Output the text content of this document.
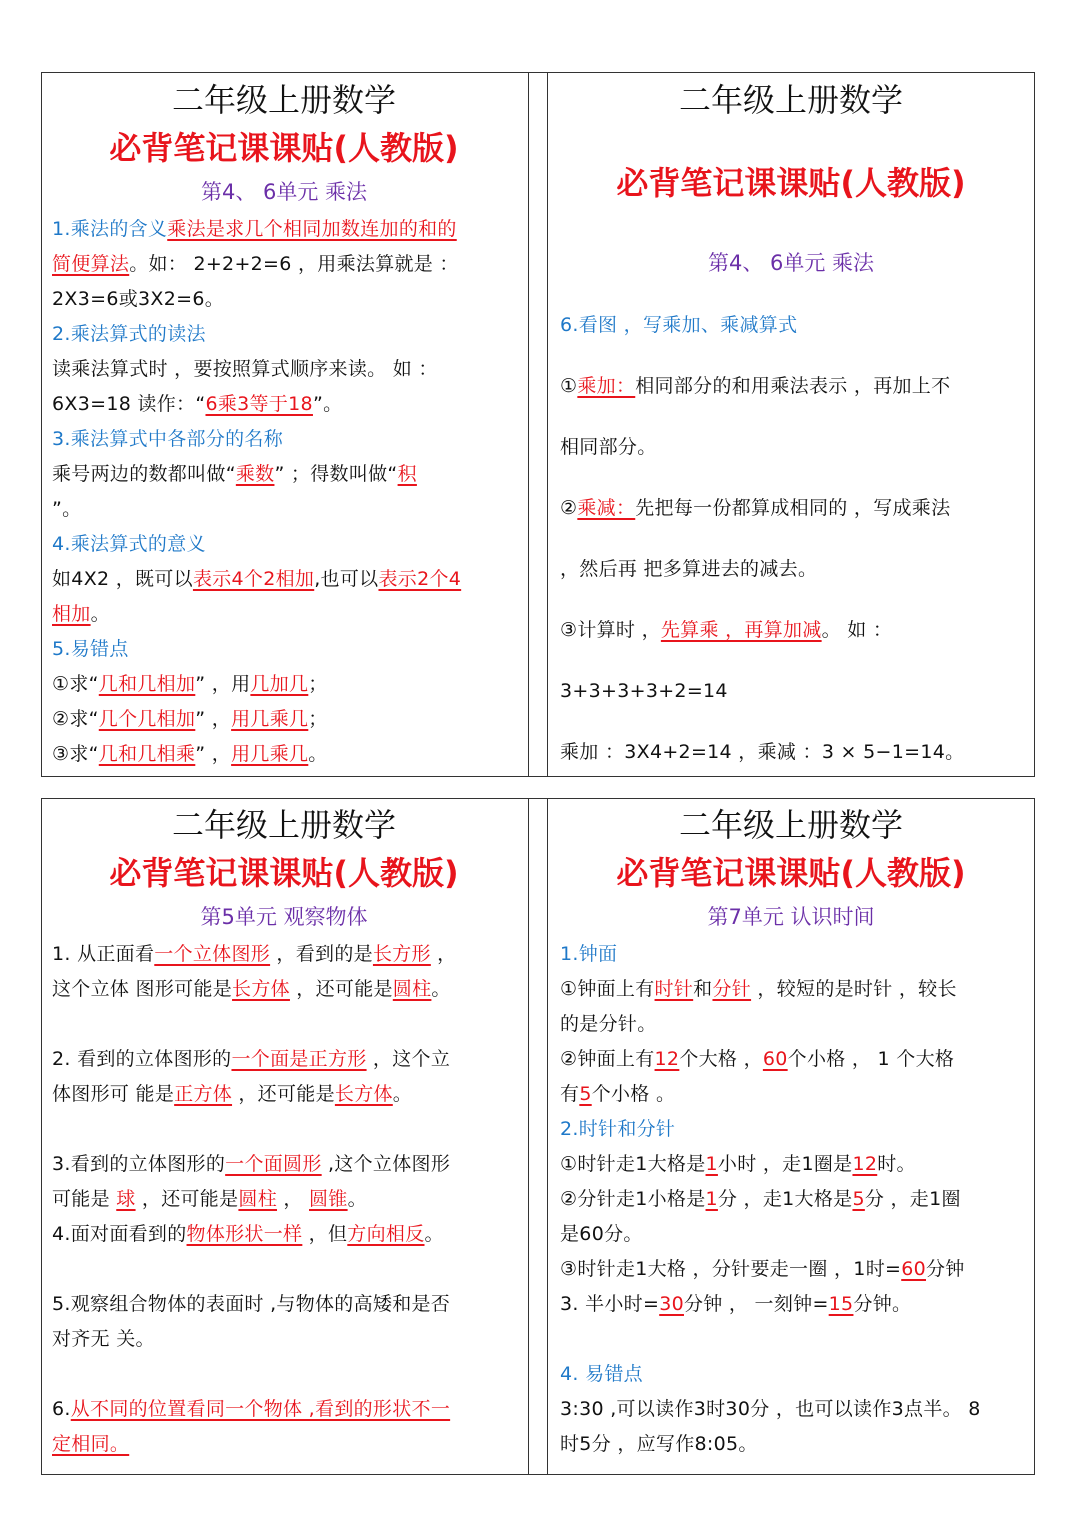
二年级上册数学
必背笔记课课贴(人教版)
第4、 6单元 乘法

1.乘法的含义乘法是求几个相同加数连加的和的

简便算法。如： 2+2+2=6 ，用乘法算就是 ：

2X3=6或3X2=6。

2.乘法算式的读法

读乘法算式时 ，要按照算式顺序来读。 如 ：

6X3=18 读作：“6乘3等于18”。

3.乘法算式中各部分的名称

乘号两边的数都叫做“乘数” ；得数叫做“积

”。

4.乘法算式的意义

如4X2 ，既可以表示4个2相加,也可以表示2个4

相加。

5.易错点

①求“几和几相加” ，用几加几；

②求“几个几相加” ，用几乘几；

③求“几和几相乘” ，用几乘几。

二年级上册数学
必背笔记课课贴(人教版)
第4、 6单元 乘法

6.看图 ，写乘加、乘减算式

①乘加：相同部分的和用乘法表示 ，再加上不

相同部分。

②乘减：先把每一份都算成相同的 ，写成乘法

，然后再 把多算进去的减去。

③计算时 ，先算乘 ，再算加减。 如 ：

3+3+3+3+2=14

乘加 ：3X4+2=14 ，乘减 ：3 × 5−1=14。

二年级上册数学
必背笔记课课贴(人教版)
第5单元 观察物体

1. 从正面看一个立体图形 ，看到的是长方形 ，

这个立体 图形可能是长方体 ，还可能是圆柱。

2. 看到的立体图形的一个面是正方形 ，这个立

体图形可 能是正方体 ，还可能是长方体。

3.看到的立体图形的一个面圆形 ,这个立体图形

可能是 球 ，还可能是圆柱 ， 圆锥。

4.面对面看到的物体形状一样 ，但方向相反。

5.观察组合物体的表面时 ,与物体的高矮和是否

对齐无 关。

6.从不同的位置看同一个物体 ,看到的形状不一

定相同。

二年级上册数学
必背笔记课课贴(人教版)
第7单元 认识时间

1.钟面

①钟面上有时针和分针 ，较短的是时针 ，较长

的是分针。

②钟面上有12个大格 ，60个小格 ， 1 个大格

有5个小格 。

2.时针和分针

①时针走1大格是1小时 ，走1圈是12时。

②分针走1小格是1分 ，走1大格是5分 ，走1圈

是60分。

③时针走1大格 ，分针要走一圈 ，1时=60分钟

3. 半小时=30分钟 ， 一刻钟=15分钟。

4. 易错点

3:30 ,可以读作3时30分 ，也可以读作3点半。 8

时5分 ，应写作8:05。
